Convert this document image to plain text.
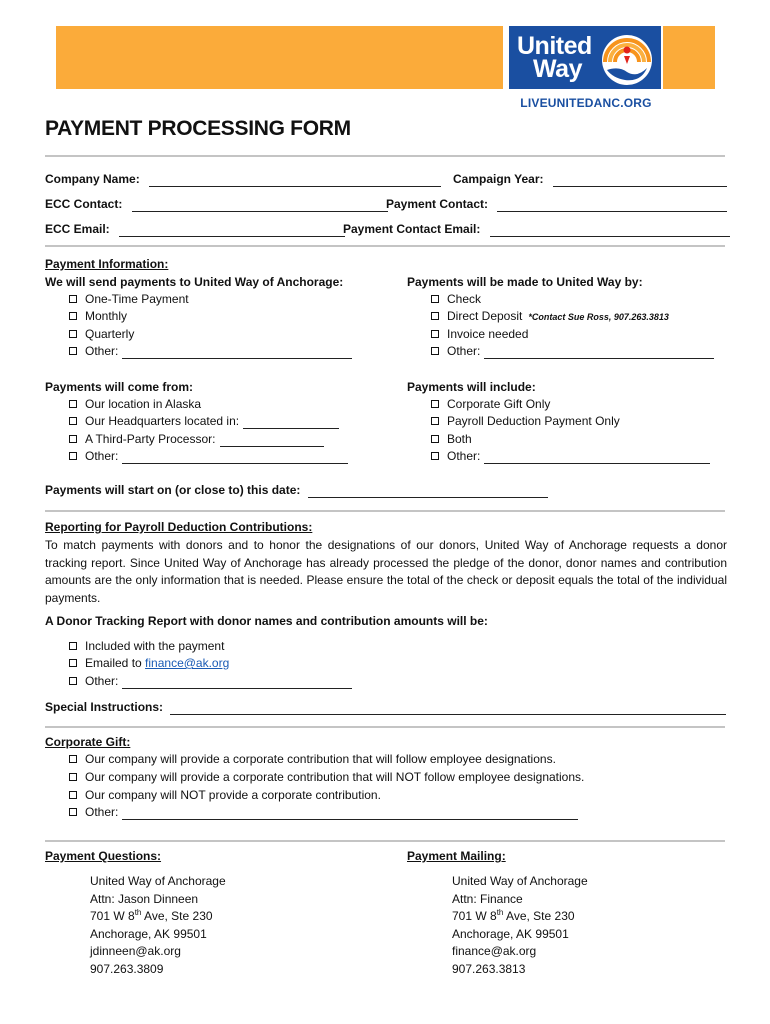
United
Way
LIVEUNITEDANC.ORG
PAYMENT PROCESSING FORM
Company Name:	Campaign Year:
ECC Contact:	Payment Contact:
ECC Email:	Payment Contact Email:
Payment Information:
We will send payments to United Way of Anchorage:
One-Time Payment
Monthly
Quarterly
Other:
Payments will be made to United Way by:
Check
Direct Deposit *Contact Sue Ross, 907.263.3813
Invoice needed
Other:
Payments will come from:
Our location in Alaska
Our Headquarters located in:
A Third-Party Processor:
Other:
Payments will include:
Corporate Gift Only
Payroll Deduction Payment Only
Both
Other:
Payments will start on (or close to) this date:
Reporting for Payroll Deduction Contributions:
To match payments with donors and to honor the designations of our donors, United Way of Anchorage requests a donor tracking report. Since United Way of Anchorage has already processed the pledge of the donor, donor names and contribution amounts are the only information that is needed. Please ensure the total of the check or deposit equals the total of the individual payments.
A Donor Tracking Report with donor names and contribution amounts will be:
Included with the payment
Emailed to finance@ak.org
Other:
Special Instructions:
Corporate Gift:
Our company will provide a corporate contribution that will follow employee designations.
Our company will provide a corporate contribution that will NOT follow employee designations.
Our company will NOT provide a corporate contribution.
Other:
Payment Questions:
United Way of Anchorage
Attn: Jason Dinneen
701 W 8th Ave, Ste 230
Anchorage, AK 99501
jdinneen@ak.org
907.263.3809
Payment Mailing:
United Way of Anchorage
Attn: Finance
701 W 8th Ave, Ste 230
Anchorage, AK 99501
finance@ak.org
907.263.3813
